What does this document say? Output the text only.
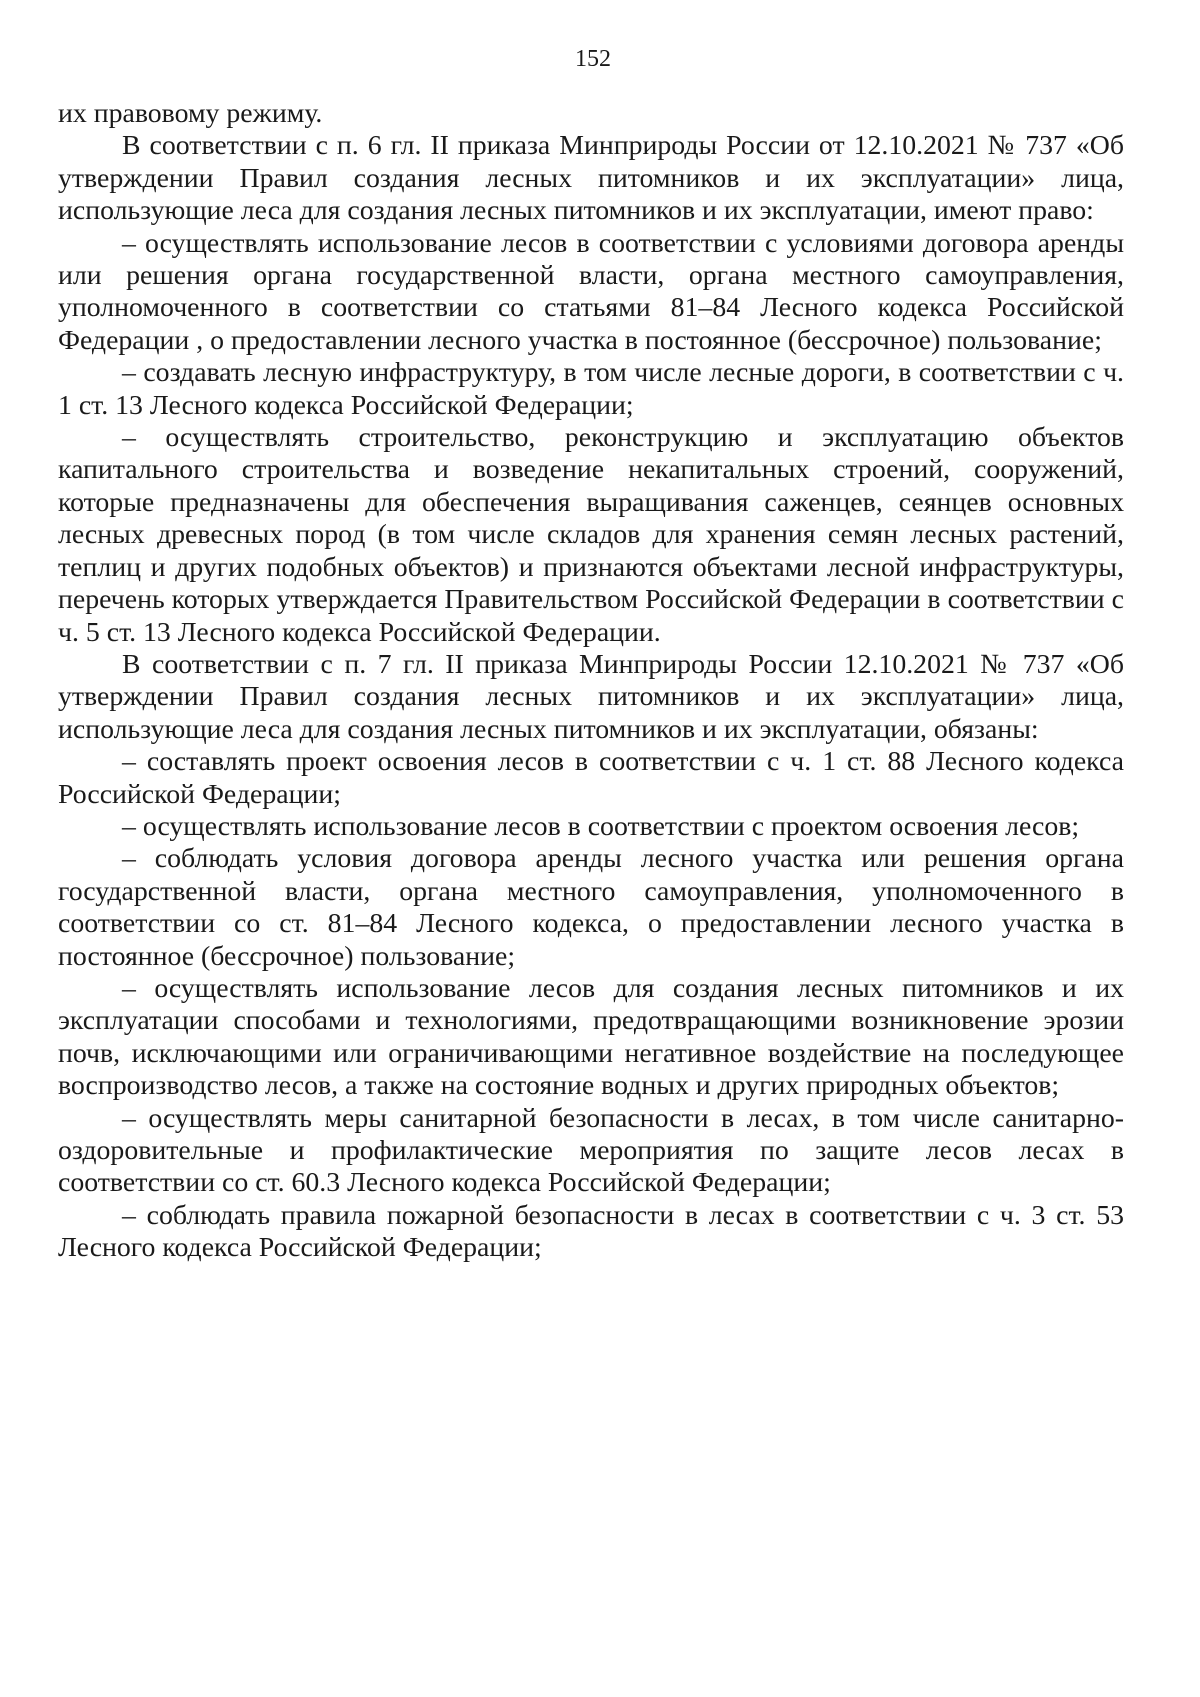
152

их правовому режиму.

В соответствии с п. 6 гл. II приказа Минприроды России от 12.10.2021 № 737 «Об утверждении Правил создания лесных питомников и их эксплуатации» лица, использующие леса для создания лесных питомников и их эксплуатации, имеют право:

– осуществлять использование лесов в соответствии с условиями договора аренды или решения органа государственной власти, органа местного самоуправления, уполномоченного в соответствии со статьями 81–84 Лесного кодекса Российской Федерации , о предоставлении лесного участка в постоянное (бессрочное) пользование;

– создавать лесную инфраструктуру, в том числе лесные дороги, в соответствии с ч. 1 ст. 13 Лесного кодекса Российской Федерации;

– осуществлять строительство, реконструкцию и эксплуатацию объектов капитального строительства и возведение некапитальных строений, сооружений, которые предназначены для обеспечения выращивания саженцев, сеянцев основных лесных древесных пород (в том числе складов для хранения семян лесных растений, теплиц и других подобных объектов) и признаются объектами лесной инфраструктуры, перечень которых утверждается Правительством Российской Федерации в соответствии с ч. 5 ст. 13 Лесного кодекса Российской Федерации.

В соответствии с п. 7 гл. II приказа Минприроды России 12.10.2021 № 737 «Об утверждении Правил создания лесных питомников и их эксплуатации» лица, использующие леса для создания лесных питомников и их эксплуатации, обязаны:

– составлять проект освоения лесов в соответствии с ч. 1 ст. 88 Лесного кодекса Российской Федерации;

– осуществлять использование лесов в соответствии с проектом освоения лесов;

– соблюдать условия договора аренды лесного участка или решения органа государственной власти, органа местного самоуправления, уполномоченного в соответствии со ст. 81–84 Лесного кодекса, о предоставлении лесного участка в постоянное (бессрочное) пользование;

– осуществлять использование лесов для создания лесных питомников и их эксплуатации способами и технологиями, предотвращающими возникновение эрозии почв, исключающими или ограничивающими негативное воздействие на последующее воспроизводство лесов, а также на состояние водных и других природных объектов;

– осуществлять меры санитарной безопасности в лесах, в том числе санитарно-оздоровительные и профилактические мероприятия по защите лесов лесах в соответствии со ст. 60.3 Лесного кодекса Российской Федерации;

– соблюдать правила пожарной безопасности в лесах в соответствии с ч. 3 ст. 53 Лесного кодекса Российской Федерации;
